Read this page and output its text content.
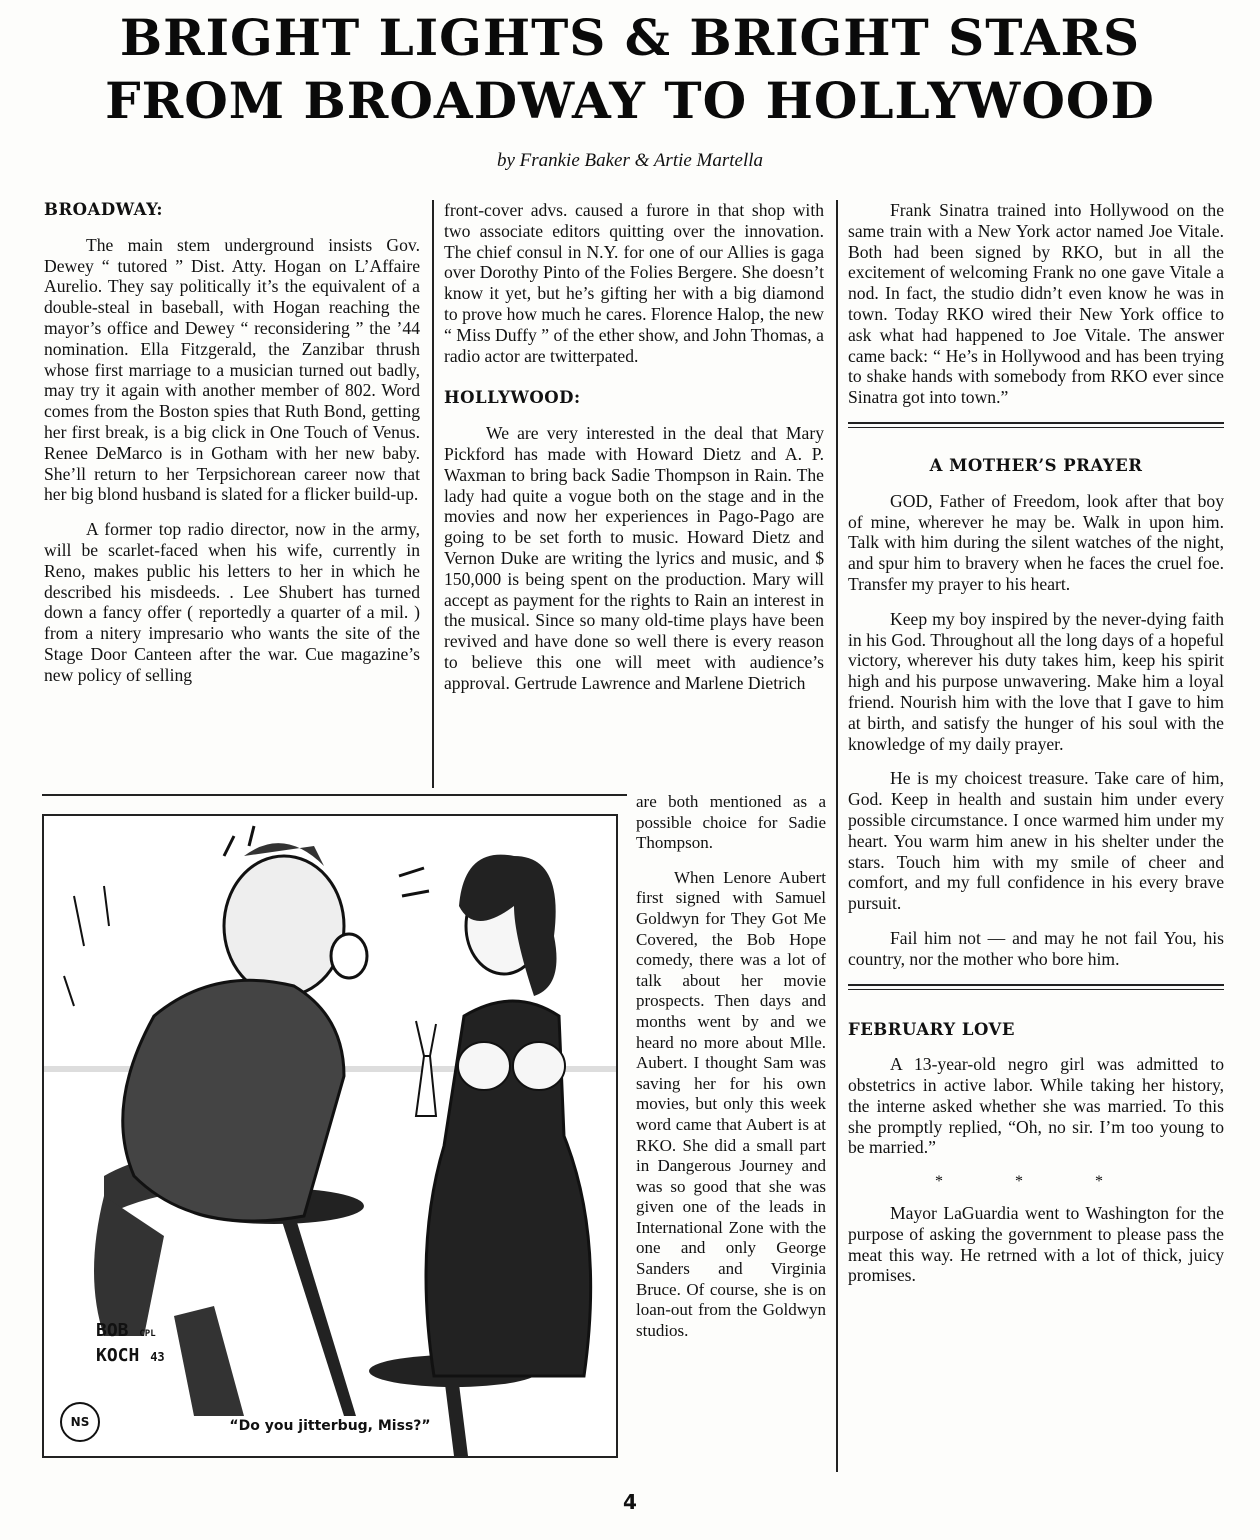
BRIGHT LIGHTS & BRIGHT STARS
FROM BROADWAY TO HOLLYWOOD
by Frankie Baker & Artie Martella
BROADWAY:

The main stem underground insists Gov. Dewey “ tutored ” Dist. Atty. Hogan on L’Affaire Aurelio. They say politically it’s the equivalent of a double-steal in baseball, with Hogan reaching the mayor’s office and Dewey “ reconsidering ” the ’44 nomination. Ella Fitzgerald, the Zanzibar thrush whose first marriage to a musician turned out badly, may try it again with another member of 802. Word comes from the Boston spies that Ruth Bond, getting her first break, is a big click in One Touch of Venus. Renee DeMarco is in Gotham with her new baby. She’ll return to her Terpsichorean career now that her big blond husband is slated for a flicker build-up.

A former top radio director, now in the army, will be scarlet-faced when his wife, currently in Reno, makes public his letters to her in which he described his misdeeds. . Lee Shubert has turned down a fancy offer ( reportedly a quarter of a mil. ) from a nitery impresario who wants the site of the Stage Door Canteen after the war. Cue magazine’s new policy of selling

front-cover advs. caused a furore in that shop with two associate editors quitting over the innovation. The chief consul in N.Y. for one of our Allies is gaga over Dorothy Pinto of the Folies Bergere. She doesn’t know it yet, but he’s gifting her with a big diamond to prove how much he cares. Florence Halop, the new “ Miss Duffy ” of the ether show, and John Thomas, a radio actor are twitterpated.

HOLLYWOOD:

We are very interested in the deal that Mary Pickford has made with Howard Dietz and A. P. Waxman to bring back Sadie Thompson in Rain. The lady had quite a vogue both on the stage and in the movies and now her experiences in Pago-Pago are going to be set forth to music. Howard Dietz and Vernon Duke are writing the lyrics and music, and $ 150,000 is being spent on the production. Mary will accept as payment for the rights to Rain an interest in the musical. Since so many old-time plays have been revived and have done so well there is every reason to believe this one will meet with audience’s approval. Gertrude Lawrence and Marlene Dietrich

BOB CPL
KOCH 43
NS	“Do you jitterbug, Miss?”

are both mentioned as a possible choice for Sadie Thompson.

When Lenore Aubert first signed with Samuel Goldwyn for They Got Me Covered, the Bob Hope comedy, there was a lot of talk about her movie prospects. Then days and months went by and we heard no more about Mlle. Aubert. I thought Sam was saving her for his own movies, but only this week word came that Aubert is at RKO. She did a small part in Dangerous Journey and was so good that she was given one of the leads in International Zone with the one and only George Sanders and Virginia Bruce. Of course, she is on loan-out from the Goldwyn studios.

Frank Sinatra trained into Hollywood on the same train with a New York actor named Joe Vitale. Both had been signed by RKO, but in all the excitement of welcoming Frank no one gave Vitale a nod. In fact, the studio didn’t even know he was in town. Today RKO wired their New York office to ask what had happened to Joe Vitale. The answer came back: “ He’s in Hollywood and has been trying to shake hands with somebody from RKO ever since Sinatra got into town.”

A MOTHER’S PRAYER

GOD, Father of Freedom, look after that boy of mine, wherever he may be. Walk in upon him. Talk with him during the silent watches of the night, and spur him to bravery when he faces the cruel foe. Transfer my prayer to his heart.

Keep my boy inspired by the never-dying faith in his God. Throughout all the long days of a hopeful victory, wherever his duty takes him, keep his spirit high and his purpose unwavering. Make him a loyal friend. Nourish him with the love that I gave to him at birth, and satisfy the hunger of his soul with the knowledge of my daily prayer.

He is my choicest treasure. Take care of him, God. Keep in health and sustain him under every possible circumstance. I once warmed him under my heart. You warm him anew in his shelter under the stars. Touch him with my smile of cheer and comfort, and my full confidence in his every brave pursuit.

Fail him not — and may he not fail You, his country, nor the mother who bore him.

FEBRUARY LOVE

A 13-year-old negro girl was admitted to obstetrics in active labor. While taking her history, the interne asked whether she was married. To this she promptly replied, “Oh, no sir. I’m too young to be married.”

* * *

Mayor LaGuardia went to Washington for the purpose of asking the government to please pass the meat this way. He retrned with a lot of thick, juicy promises.

4
